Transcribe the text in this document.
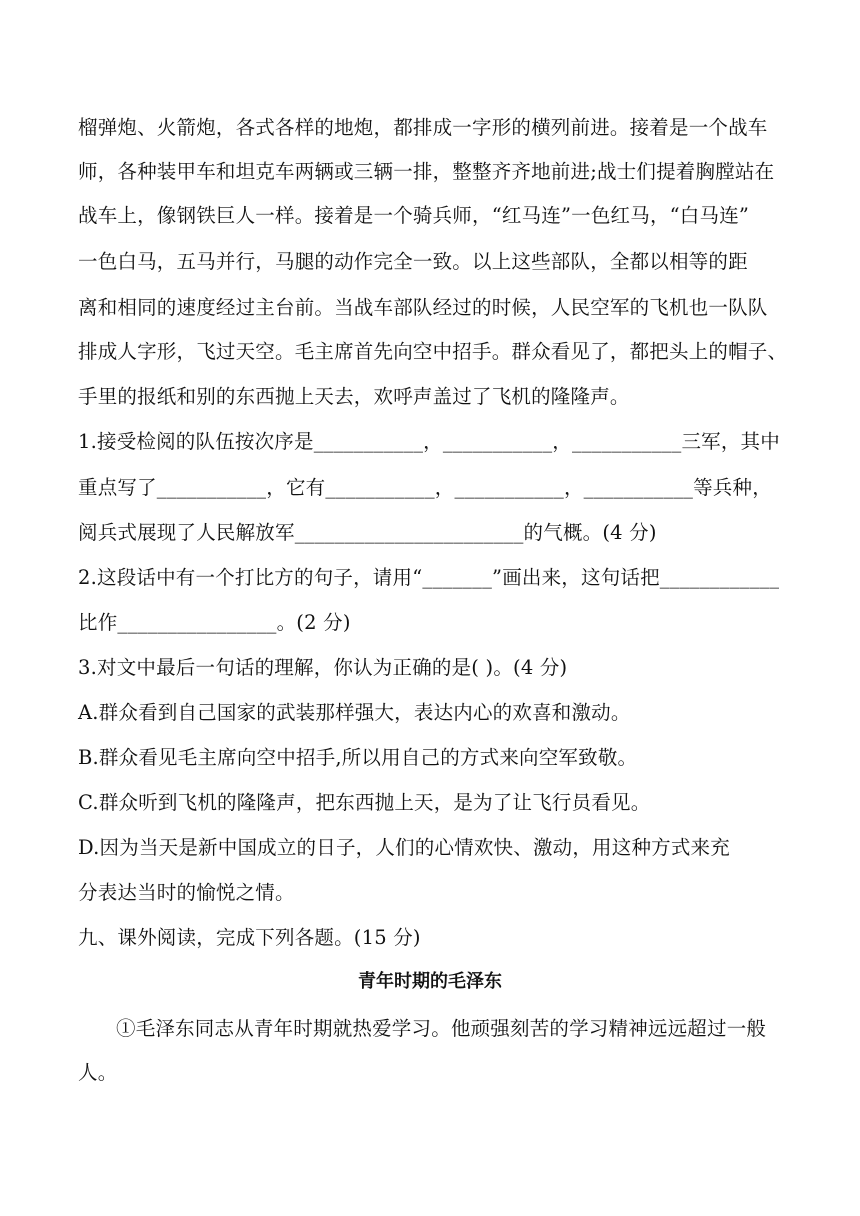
榴弹炮、火箭炮，各式各样的地炮，都排成一字形的横列前进。接着是一个战车
师，各种装甲车和坦克车两辆或三辆一排，整整齐齐地前进;战士们提着胸膛站在
战车上，像钢铁巨人一样。接着是一个骑兵师，“红马连”一色红马，“白马连”
一色白马，五马并行，马腿的动作完全一致。以上这些部队，全都以相等的距
离和相同的速度经过主台前。当战车部队经过的时候，人民空军的飞机也一队队
排成人字形，飞过天空。毛主席首先向空中招手。群众看见了，都把头上的帽子、
手里的报纸和别的东西抛上天去，欢呼声盖过了飞机的隆隆声。
1.接受检阅的队伍按次序是___________，___________，___________三军，其中
重点写了___________，它有___________，___________，___________等兵种，
阅兵式展现了人民解放军_______________________的气概。(4 分)
2.这段话中有一个打比方的句子，请用“_______”画出来，这句话把____________
比作________________。(2 分)
3.对文中最后一句话的理解，你认为正确的是( )。(4 分)
A.群众看到自己国家的武装那样强大，表达内心的欢喜和激动。
B.群众看见毛主席向空中招手,所以用自己的方式来向空军致敬。
C.群众听到飞机的隆隆声，把东西抛上天，是为了让飞行员看见。
D.因为当天是新中国成立的日子，人们的心情欢快、激动，用这种方式来充
分表达当时的愉悦之情。
九、课外阅读，完成下列各题。(15 分)
青年时期的毛泽东
①毛泽东同志从青年时期就热爱学习。他顽强刻苦的学习精神远远超过一般
人。
